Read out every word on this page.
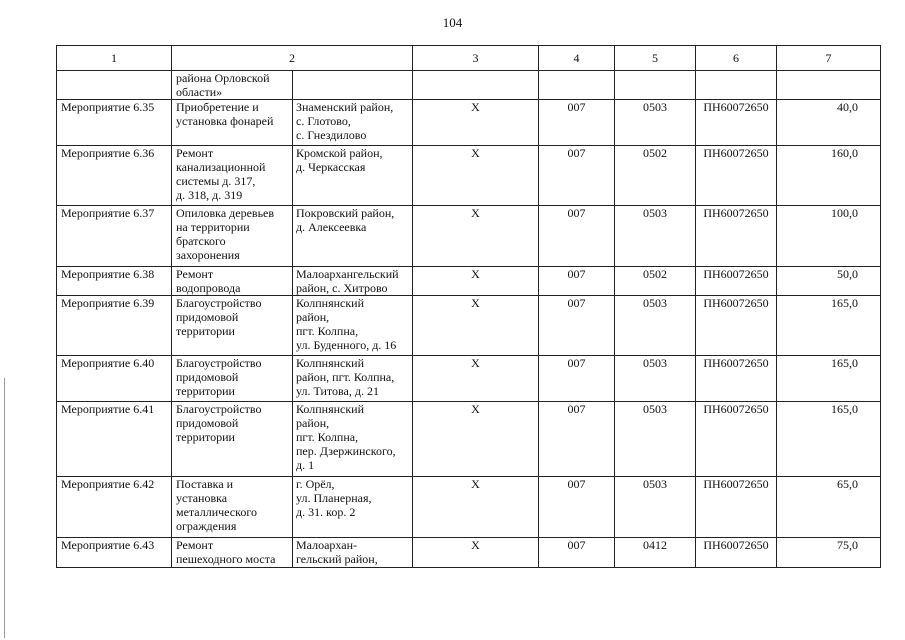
104
1	2		3	4	5	6	7
	района Орловской
области»						
Мероприятие 6.35	Приобретение и
установка фонарей	Знаменский район,
с. Глотово,
с. Гнездилово	Х	007	0503	ПН60072650	40,0
Мероприятие 6.36	Ремонт
канализационной
системы д. 317,
д. 318, д. 319	Кромской район,
д. Черкасская	Х	007	0502	ПН60072650	160,0
Мероприятие 6.37	Опиловка деревьев
на территории
братского
захоронения	Покровский район,
д. Алексеевка	Х	007	0503	ПН60072650	100,0
Мероприятие 6.38	Ремонт
водопровода	Малоархангельский
район, с. Хитрово	Х	007	0502	ПН60072650	50,0
Мероприятие 6.39	Благоустройство
придомовой
территории	Колпнянский
район,
пгт. Колпна,
ул. Буденного, д. 16	Х	007	0503	ПН60072650	165,0
Мероприятие 6.40	Благоустройство
придомовой
территории	Колпнянский
район, пгт. Колпна,
ул. Титова, д. 21	Х	007	0503	ПН60072650	165,0
Мероприятие 6.41	Благоустройство
придомовой
территории	Колпнянский
район,
пгт. Колпна,
пер. Дзержинского,
д. 1	Х	007	0503	ПН60072650	165,0
Мероприятие 6.42	Поставка и
установка
металлического
ограждения	г. Орёл,
ул. Планерная,
д. 31. кор. 2	Х	007	0503	ПН60072650	65,0
Мероприятие 6.43	Ремонт
пешеходного моста	Малоархан-
гельский район,	Х	007	0412	ПН60072650	75,0
